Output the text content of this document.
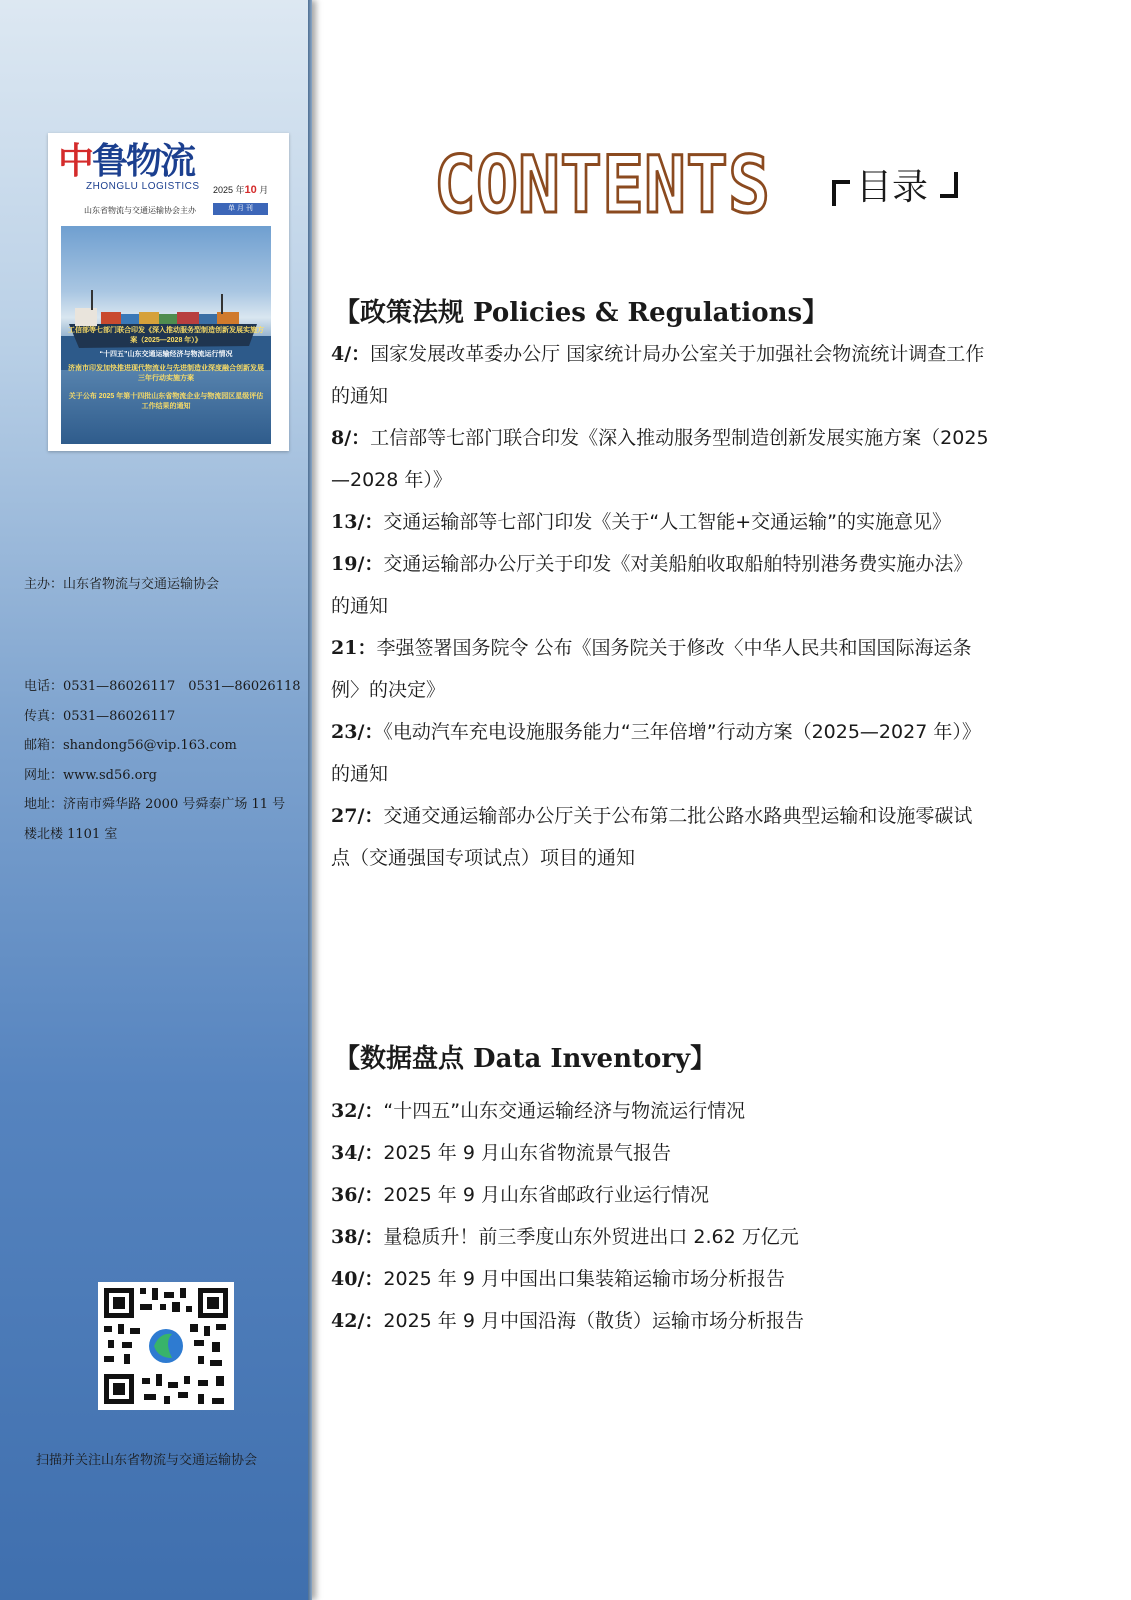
中鲁物流
ZHONGLU LOGISTICS 2025 年10 月
山东省物流与交通运输协会主办	单 月 刊
工信部等七部门联合印发《深入推动服务型制造创新发展实施方案（2025—2028 年）》
“十四五”山东交通运输经济与物流运行情况
济南市印发加快推进现代物流业与先进制造业深度融合创新发展三年行动实施方案
关于公布 2025 年第十四批山东省物流企业与物流园区星级评估工作结果的通知
主办：山东省物流与交通运输协会
电话：0531—86026117　0531—86026118
传真：0531—86026117
邮箱：shandong56@vip.163.com
网址：www.sd56.org
地址：济南市舜华路 2000 号舜泰广场 11 号
楼北楼 1101 室
扫描并关注山东省物流与交通运输协会
CONTENTS 目录
【政策法规 Policies & Regulations】

4/：国家发展改革委办公厅 国家统计局办公室关于加强社会物流统计调查工作的通知

8/：工信部等七部门联合印发《深入推动服务型制造创新发展实施方案（2025—2028 年）》

13/：交通运输部等七部门印发《关于“人工智能+交通运输”的实施意见》

19/：交通运输部办公厅关于印发《对美船舶收取船舶特别港务费实施办法》的通知

21：李强签署国务院令 公布《国务院关于修改〈中华人民共和国国际海运条例〉的决定》

23/：《电动汽车充电设施服务能力“三年倍增”行动方案（2025—2027 年）》的通知

27/：交通交通运输部办公厅关于公布第二批公路水路典型运输和设施零碳试点（交通强国专项试点）项目的通知

【数据盘点 Data Inventory】

32/：“十四五”山东交通运输经济与物流运行情况

34/：2025 年 9 月山东省物流景气报告

36/：2025 年 9 月山东省邮政行业运行情况

38/：量稳质升！前三季度山东外贸进出口 2.62 万亿元

40/：2025 年 9 月中国出口集装箱运输市场分析报告

42/：2025 年 9 月中国沿海（散货）运输市场分析报告
